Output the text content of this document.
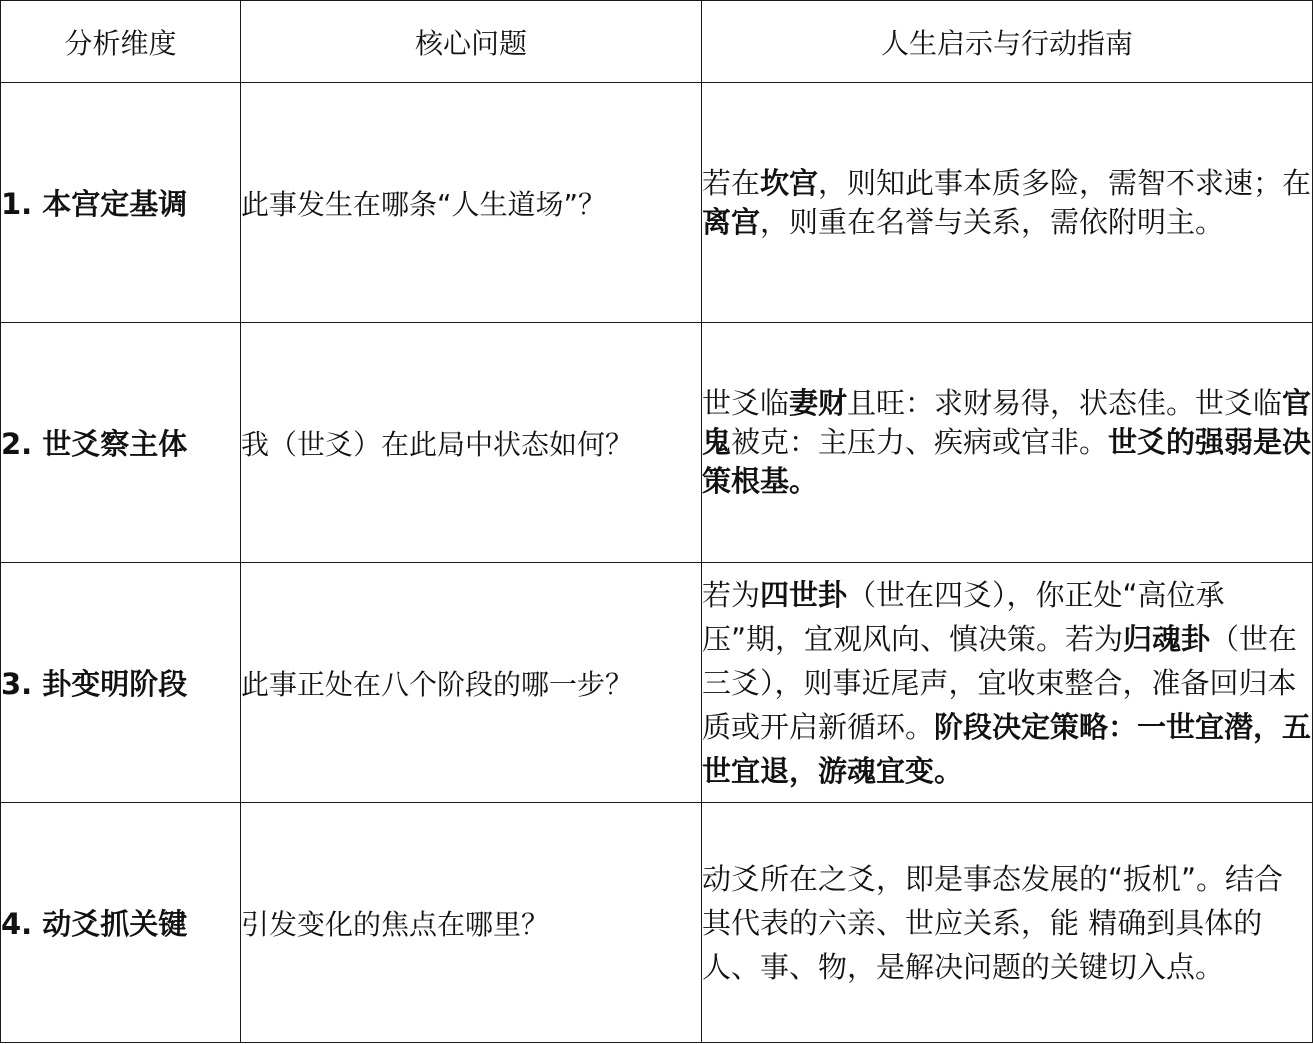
分析维度	核心问题	人生启示与行动指南
1. 本宫定基调	此事发生在哪条“人生道场”？	若在坎宫，则知此事本质多险，需智不求速；在离宫，则重在名誉与关系，需依附明主。
2. 世爻察主体	我（世爻）在此局中状态如何？	世爻临妻财且旺：求财易得，状态佳。世爻临官鬼被克：主压力、疾病或官非。世爻的强弱是决策根基。
3. 卦变明阶段	此事正处在八个阶段的哪一步？	若为四世卦（世在四爻），你正处“高位承压”期，宜观风向、慎决策。若为归魂卦（世在三爻），则事近尾声，宜收束整合，准备回归本质或开启新循环。阶段决定策略：一世宜潜，五世宜退，游魂宜变。
4. 动爻抓关键	引发变化的焦点在哪里？	动爻所在之爻，即是事态发展的“扳机”。结合其代表的六亲、世应关系，能 精确到具体的人、事、物，是解决问题的关键切入点。
